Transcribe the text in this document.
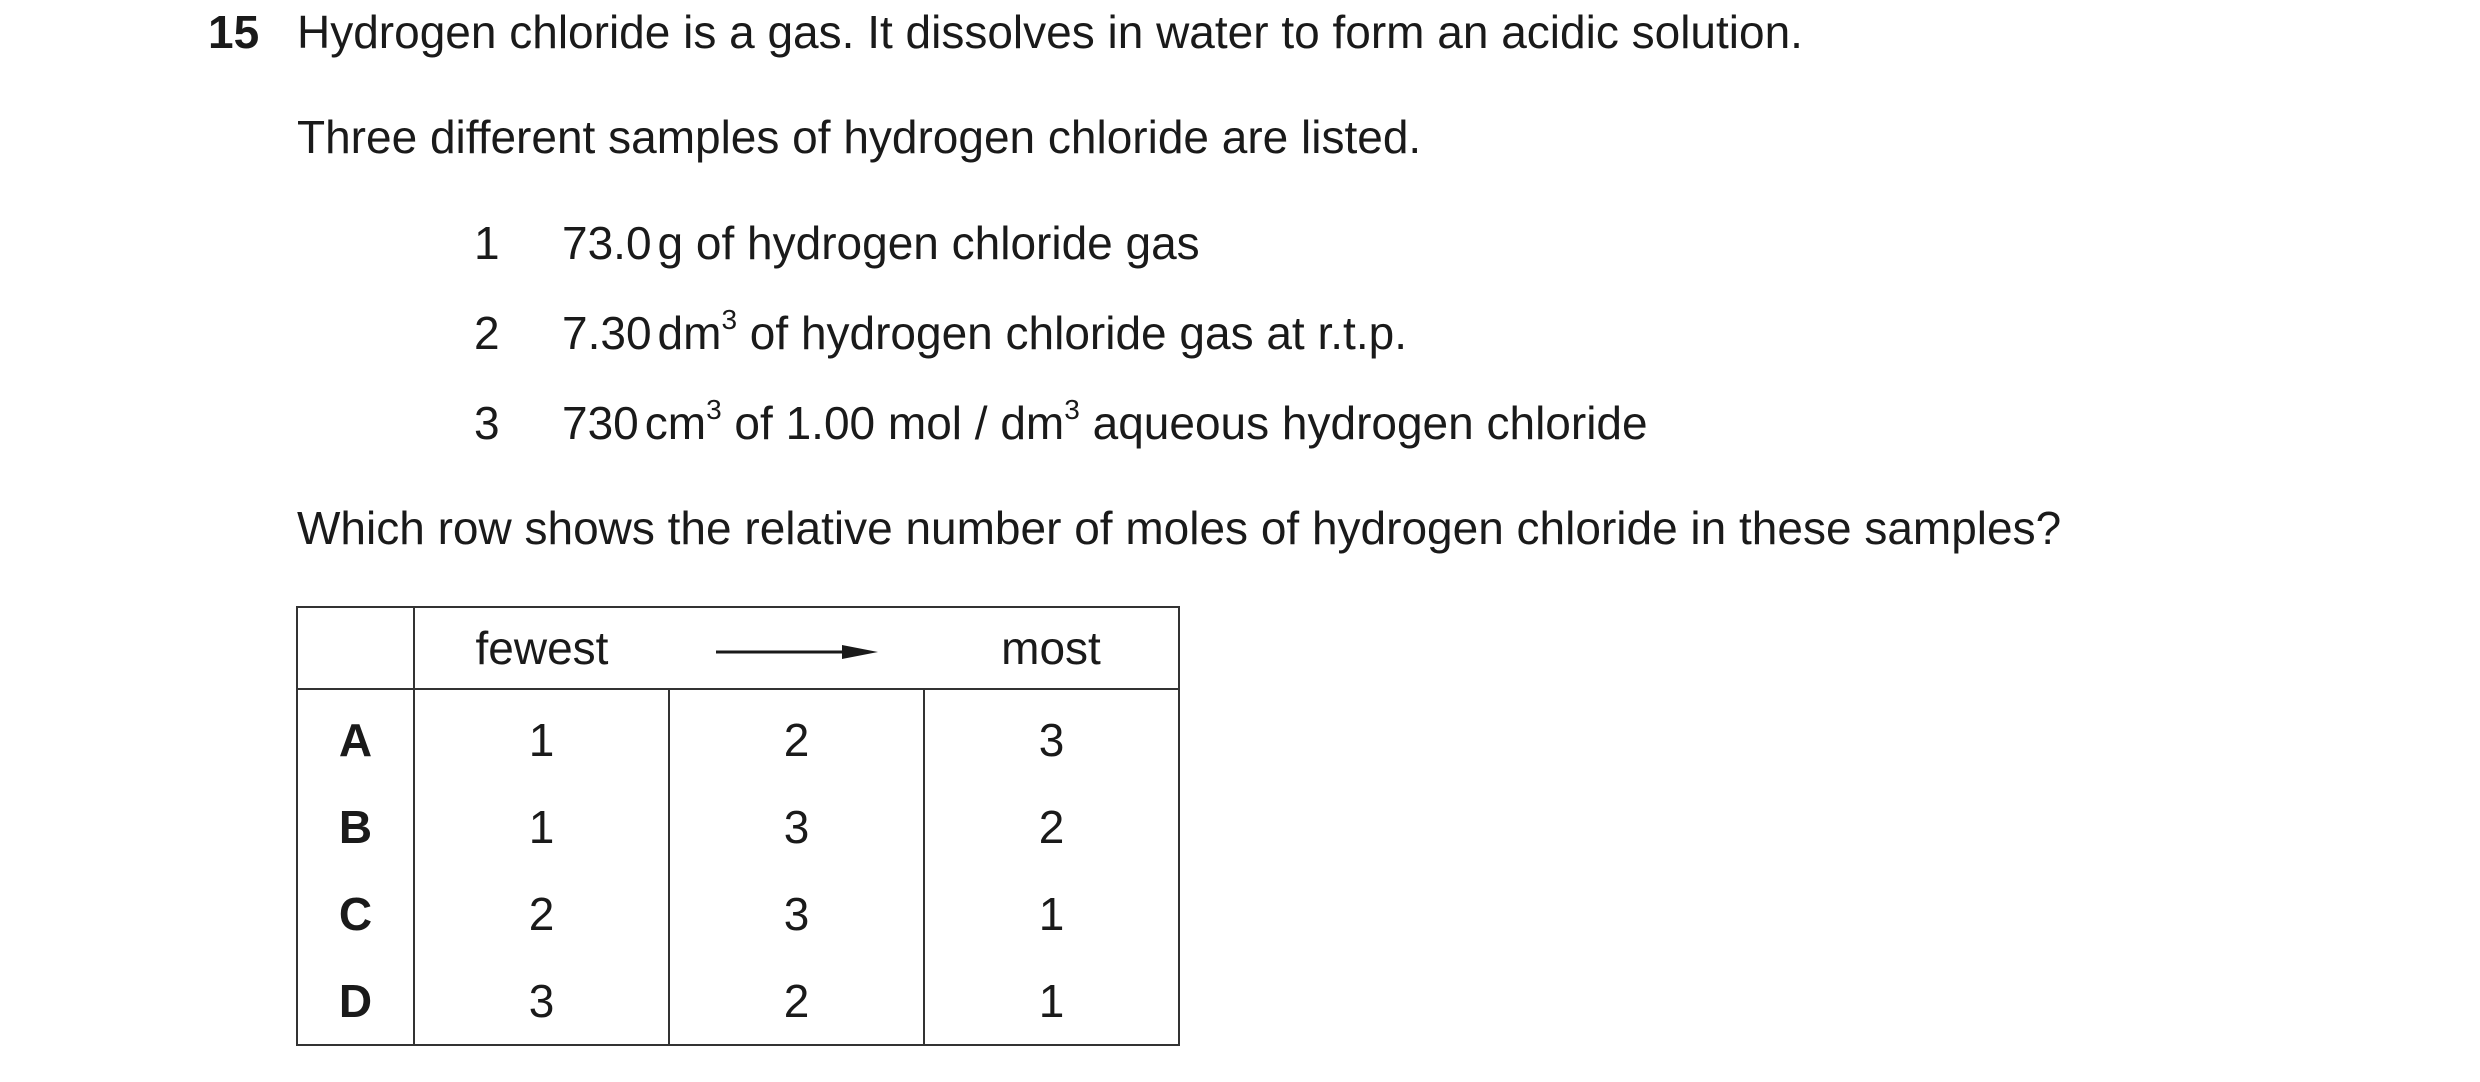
15 Hydrogen chloride is a gas. It dissolves in water to form an acidic solution.
Three different samples of hydrogen chloride are listed.
1 73.0 g of hydrogen chloride gas
2 7.30 $dm^3$ of hydrogen chloride gas at r.t.p.
3 730 $cm^3$ of 1.00 mol / $dm^3$ aqueous hydrogen chloride
Which row shows the relative number of moles of hydrogen chloride in these samples?
	fewest		most
A	1	2	3
B	1	3	2
C	2	3	1
D	3	2	1
